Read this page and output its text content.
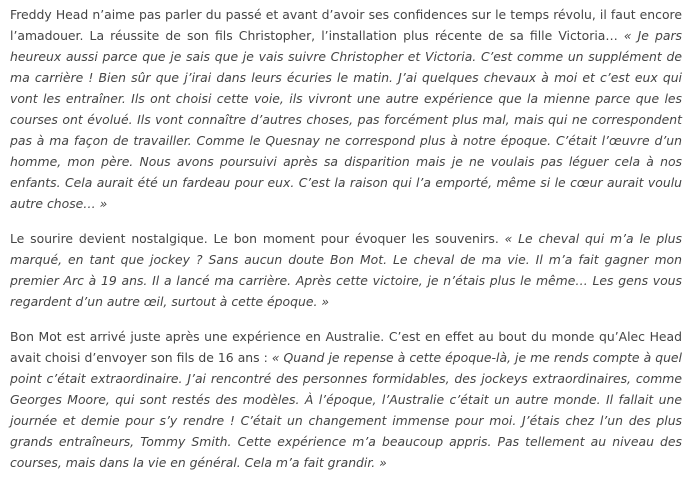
Freddy Head n’aime pas parler du passé et avant d’avoir ses confidences sur le temps révolu, il faut encore l’amadouer. La réussite de son fils Christopher, l’installation plus récente de sa fille Victoria… « Je pars heureux aussi parce que je sais que je vais suivre Christopher et Victoria. C’est comme un supplément de ma carrière ! Bien sûr que j’irai dans leurs écuries le matin. J’ai quelques chevaux à moi et c’est eux qui vont les entraîner. Ils ont choisi cette voie, ils vivront une autre expérience que la mienne parce que les courses ont évolué. Ils vont connaître d’autres choses, pas forcément plus mal, mais qui ne correspondent pas à ma façon de travailler. Comme le Quesnay ne correspond plus à notre époque. C’était l’œuvre d’un homme, mon père. Nous avons poursuivi après sa disparition mais je ne voulais pas léguer cela à nos enfants. Cela aurait été un fardeau pour eux. C’est la raison qui l’a emporté, même si le cœur aurait voulu autre chose… »

Le sourire devient nostalgique. Le bon moment pour évoquer les souvenirs. « Le cheval qui m’a le plus marqué, en tant que jockey ? Sans aucun doute Bon Mot. Le cheval de ma vie. Il m’a fait gagner mon premier Arc à 19 ans. Il a lancé ma carrière. Après cette victoire, je n’étais plus le même… Les gens vous regardent d’un autre œil, surtout à cette époque. »

Bon Mot est arrivé juste après une expérience en Australie. C’est en effet au bout du monde qu’Alec Head avait choisi d’envoyer son fils de 16 ans : « Quand je repense à cette époque-là, je me rends compte à quel point c’était extraordinaire. J’ai rencontré des personnes formidables, des jockeys extraordinaires, comme Georges Moore, qui sont restés des modèles. À l’époque, l’Australie c’était un autre monde. Il fallait une journée et demie pour s’y rendre ! C’était un changement immense pour moi. J’étais chez l’un des plus grands entraîneurs, Tommy Smith. Cette expérience m’a beaucoup appris. Pas tellement au niveau des courses, mais dans la vie en général. Cela m’a fait grandir. »
